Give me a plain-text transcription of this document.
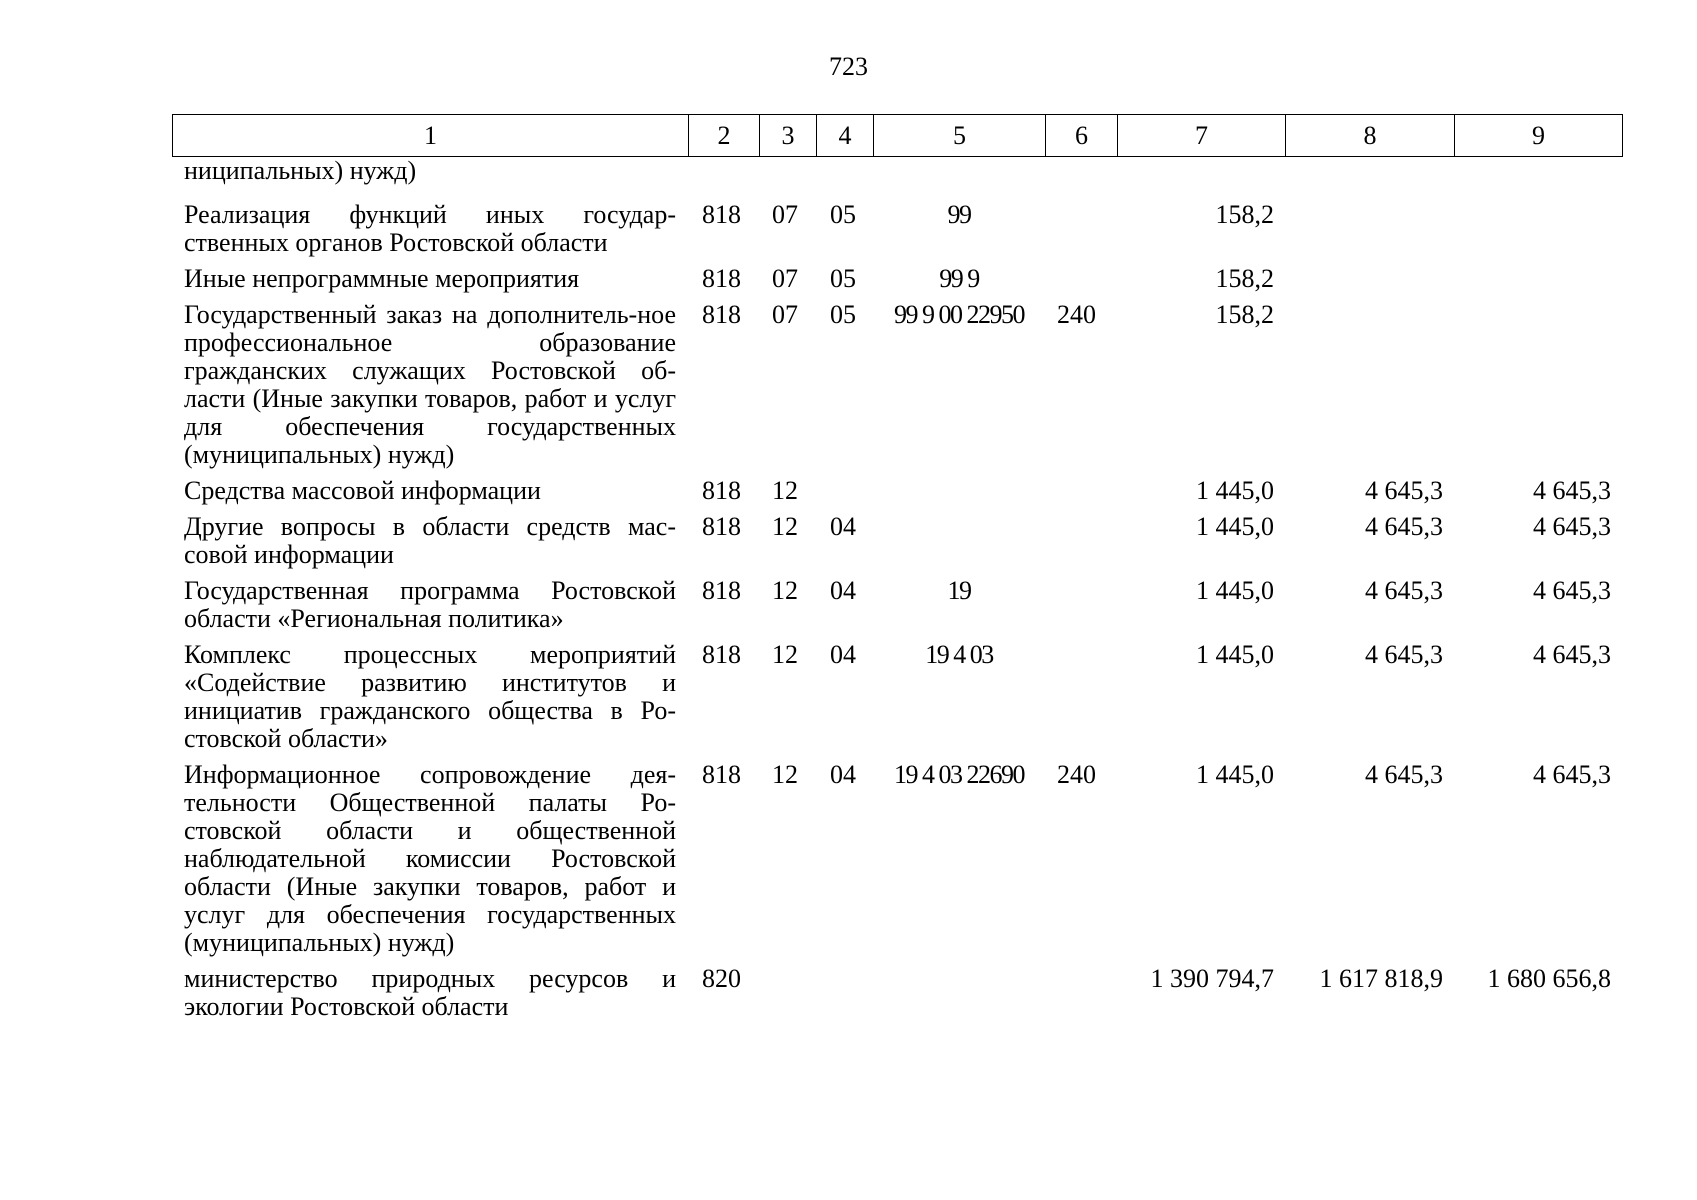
723
1	2	3	4	5	6	7	8	9
ниципальных) нужд)								
Реализация функций иных государ-ственных органов Ростовской области	818	07	05	99		158,2		
Иные непрограммные мероприятия	818	07	05	99 9		158,2		
Государственный заказ на дополнитель-ное профессиональное образование гражданских служащих Ростовской об-ласти (Иные закупки товаров, работ и услуг для обеспечения государственных (муниципальных) нужд)	818	07	05	99 9 00 22950	240	158,2		
Средства массовой информации	818	12				1 445,0	4 645,3	4 645,3
Другие вопросы в области средств мас-совой информации	818	12	04			1 445,0	4 645,3	4 645,3
Государственная программа Ростовской области «Региональная политика»	818	12	04	19		1 445,0	4 645,3	4 645,3
Комплекс процессных мероприятий «Содействие развитию институтов и инициатив гражданского общества в Ро-стовской области»	818	12	04	19 4 03		1 445,0	4 645,3	4 645,3
Информационное сопровождение дея-тельности Общественной палаты Ро-стовской области и общественной наблюдательной комиссии Ростовской области (Иные закупки товаров, работ и услуг для обеспечения государственных (муниципальных) нужд)	818	12	04	19 4 03 22690	240	1 445,0	4 645,3	4 645,3
министерство природных ресурсов и экологии Ростовской области	820					1 390 794,7	1 617 818,9	1 680 656,8
